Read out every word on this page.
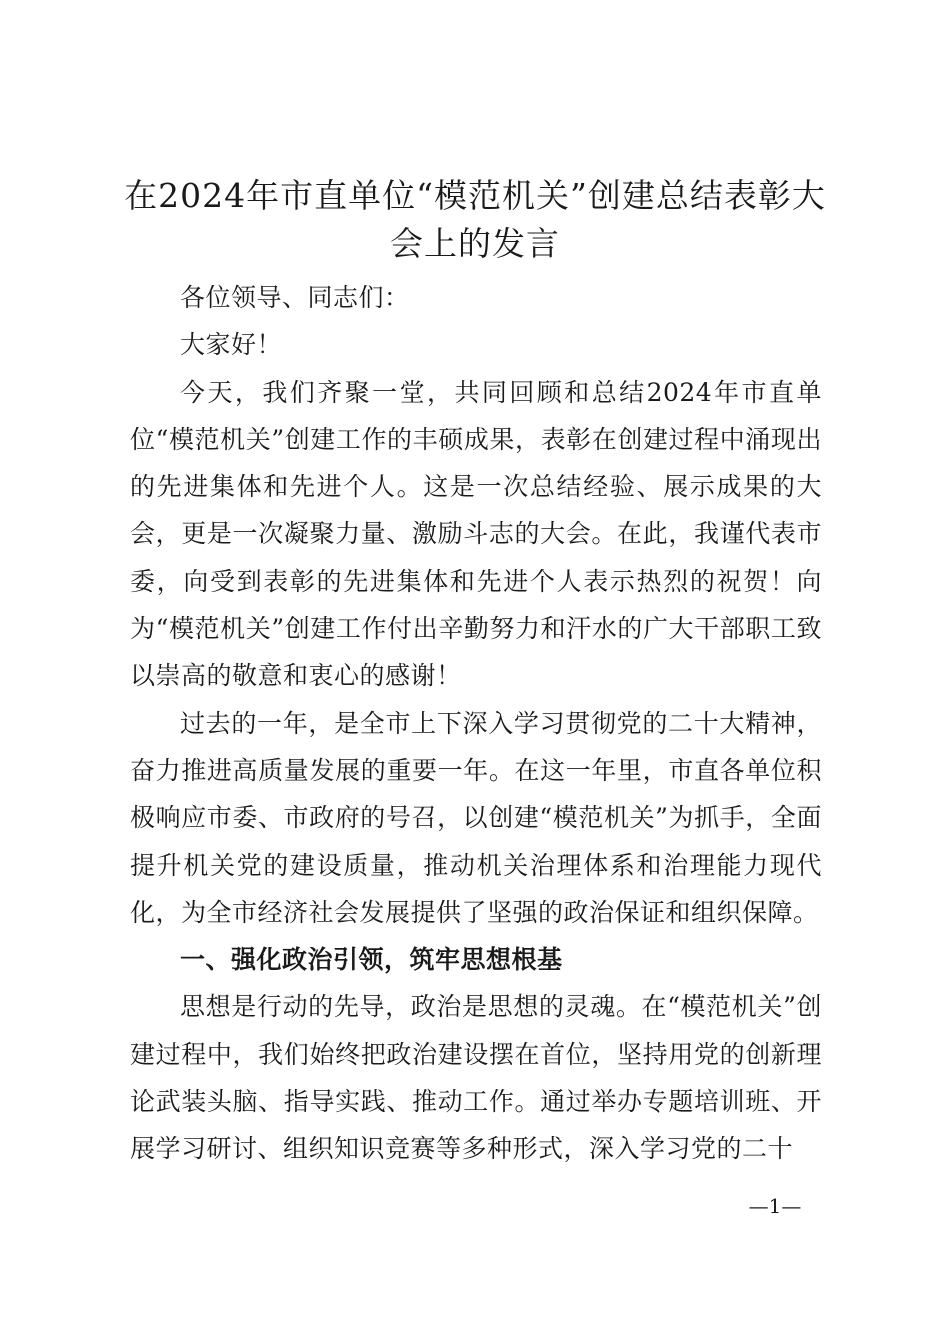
在2024年市直单位“模范机关”创建总结表彰大会上的发言

各位领导、同志们：

大家好！

今天，我们齐聚一堂，共同回顾和总结2024年市直单位“模范机关”创建工作的丰硕成果，表彰在创建过程中涌现出的先进集体和先进个人。这是一次总结经验、展示成果的大会，更是一次凝聚力量、激励斗志的大会。在此，我谨代表市委，向受到表彰的先进集体和先进个人表示热烈的祝贺！向为“模范机关”创建工作付出辛勤努力和汗水的广大干部职工致以崇高的敬意和衷心的感谢！

过去的一年，是全市上下深入学习贯彻党的二十大精神，奋力推进高质量发展的重要一年。在这一年里，市直各单位积极响应市委、市政府的号召，以创建“模范机关”为抓手，全面提升机关党的建设质量，推动机关治理体系和治理能力现代化，为全市经济社会发展提供了坚强的政治保证和组织保障。

一、强化政治引领，筑牢思想根基

思想是行动的先导，政治是思想的灵魂。在“模范机关”创建过程中，我们始终把政治建设摆在首位，坚持用党的创新理论武装头脑、指导实践、推动工作。通过举办专题培训班、开展学习研讨、组织知识竞赛等多种形式，深入学习党的二十

—1—
